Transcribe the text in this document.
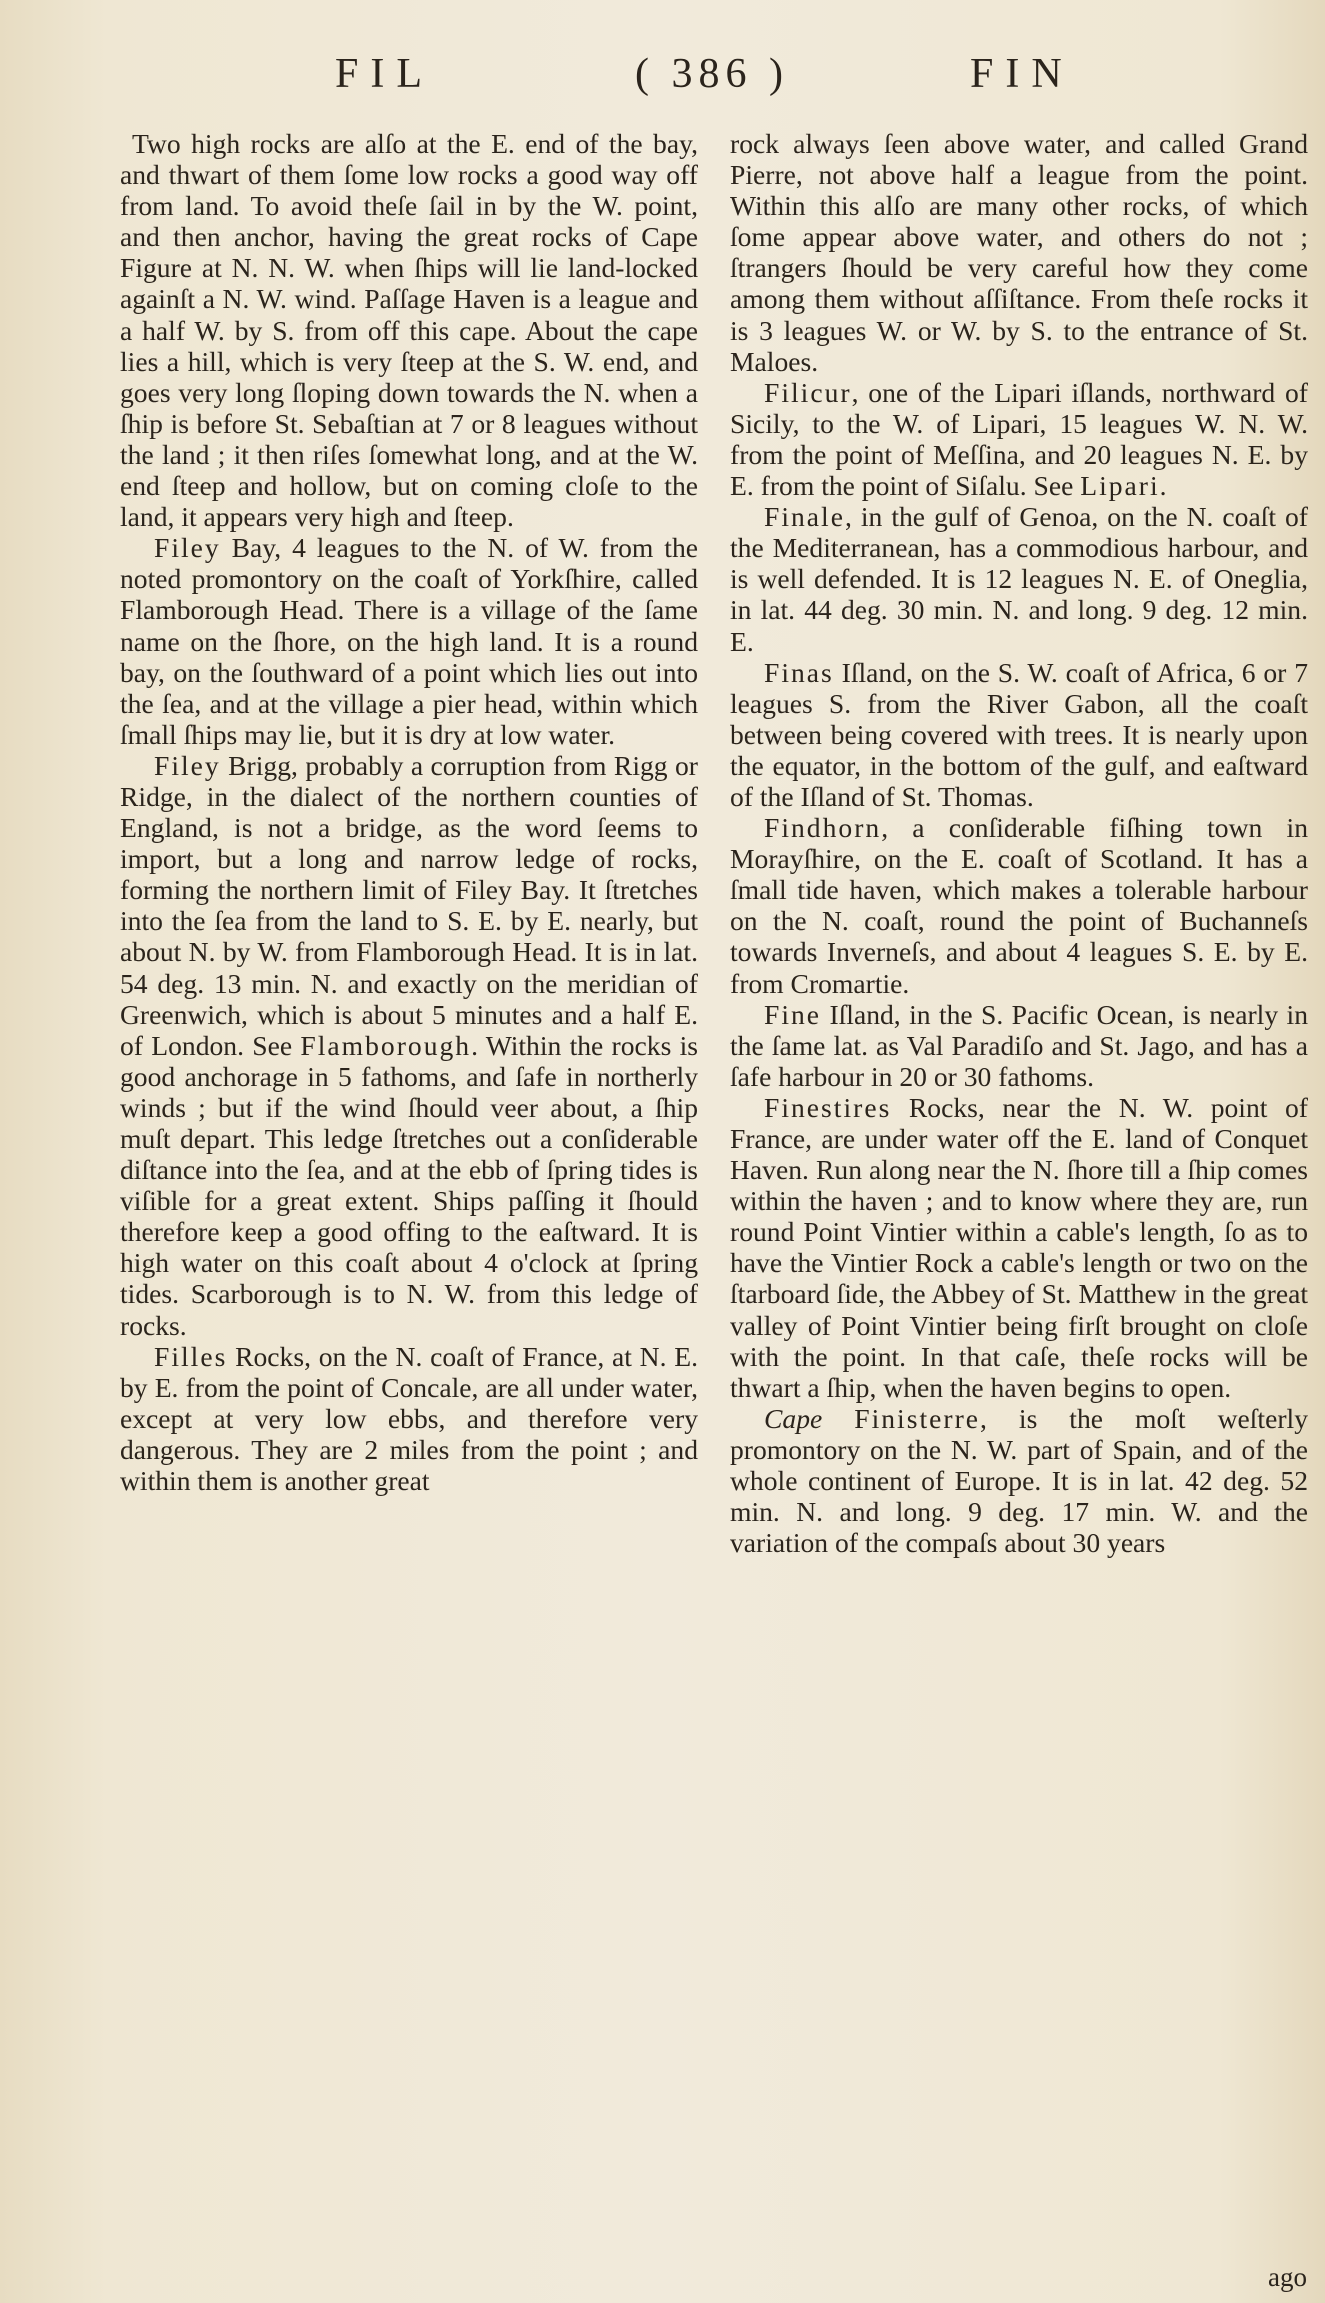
FIL	( 386 )	FIN

Two high rocks are alſo at the E. end of the bay, and thwart of them ſome low rocks a good way off from land. To avoid theſe ſail in by the W. point, and then anchor, having the great rocks of Cape Figure at N. N. W. when ſhips will lie land-locked againſt a N. W. wind. Paſſage Haven is a league and a half W. by S. from off this cape. About the cape lies a hill, which is very ſteep at the S. W. end, and goes very long ſloping down towards the N. when a ſhip is before St. Sebaſtian at 7 or 8 leagues without the land ; it then riſes ſomewhat long, and at the W. end ſteep and hollow, but on coming cloſe to the land, it appears very high and ſteep.

Filey Bay, 4 leagues to the N. of W. from the noted promontory on the coaſt of Yorkſhire, called Flamborough Head. There is a village of the ſame name on the ſhore, on the high land. It is a round bay, on the ſouthward of a point which lies out into the ſea, and at the village a pier head, within which ſmall ſhips may lie, but it is dry at low water.

Filey Brigg, probably a corruption from Rigg or Ridge, in the dialect of the northern counties of England, is not a bridge, as the word ſeems to import, but a long and narrow ledge of rocks, forming the northern limit of Filey Bay. It ſtretches into the ſea from the land to S. E. by E. nearly, but about N. by W. from Flamborough Head. It is in lat. 54 deg. 13 min. N. and exactly on the meridian of Greenwich, which is about 5 minutes and a half E. of London. See Flamborough. Within the rocks is good anchorage in 5 fathoms, and ſafe in northerly winds ; but if the wind ſhould veer about, a ſhip muſt depart. This ledge ſtretches out a conſiderable diſtance into the ſea, and at the ebb of ſpring tides is viſible for a great extent. Ships paſſing it ſhould therefore keep a good offing to the eaſtward. It is high water on this coaſt about 4 o'clock at ſpring tides. Scarborough is to N. W. from this ledge of rocks.

Filles Rocks, on the N. coaſt of France, at N. E. by E. from the point of Concale, are all under water, except at very low ebbs, and therefore very dangerous. They are 2 miles from the point ; and within them is another great

rock always ſeen above water, and called Grand Pierre, not above half a league from the point. Within this alſo are many other rocks, of which ſome appear above water, and others do not ; ſtrangers ſhould be very careful how they come among them without aſſiſtance. From theſe rocks it is 3 leagues W. or W. by S. to the entrance of St. Maloes.

Filicur, one of the Lipari iſlands, northward of Sicily, to the W. of Lipari, 15 leagues W. N. W. from the point of Meſſina, and 20 leagues N. E. by E. from the point of Siſalu. See Lipari.

Finale, in the gulf of Genoa, on the N. coaſt of the Mediterranean, has a commodious harbour, and is well defended. It is 12 leagues N. E. of Oneglia, in lat. 44 deg. 30 min. N. and long. 9 deg. 12 min. E.

Finas Iſland, on the S. W. coaſt of Africa, 6 or 7 leagues S. from the River Gabon, all the coaſt between being covered with trees. It is nearly upon the equator, in the bottom of the gulf, and eaſtward of the Iſland of St. Thomas.

Findhorn, a conſiderable fiſhing town in Morayſhire, on the E. coaſt of Scotland. It has a ſmall tide haven, which makes a tolerable harbour on the N. coaſt, round the point of Buchanneſs towards Inverneſs, and about 4 leagues S. E. by E. from Cromartie.

Fine Iſland, in the S. Pacific Ocean, is nearly in the ſame lat. as Val Paradiſo and St. Jago, and has a ſafe harbour in 20 or 30 fathoms.

Finestires Rocks, near the N. W. point of France, are under water off the E. land of Conquet Haven. Run along near the N. ſhore till a ſhip comes within the haven ; and to know where they are, run round Point Vintier within a cable's length, ſo as to have the Vintier Rock a cable's length or two on the ſtarboard ſide, the Abbey of St. Matthew in the great valley of Point Vintier being firſt brought on cloſe with the point. In that caſe, theſe rocks will be thwart a ſhip, when the haven begins to open.

Cape Finisterre, is the moſt weſterly promontory on the N. W. part of Spain, and of the whole continent of Europe. It is in lat. 42 deg. 52 min. N. and long. 9 deg. 17 min. W. and the variation of the compaſs about 30 years

ago
